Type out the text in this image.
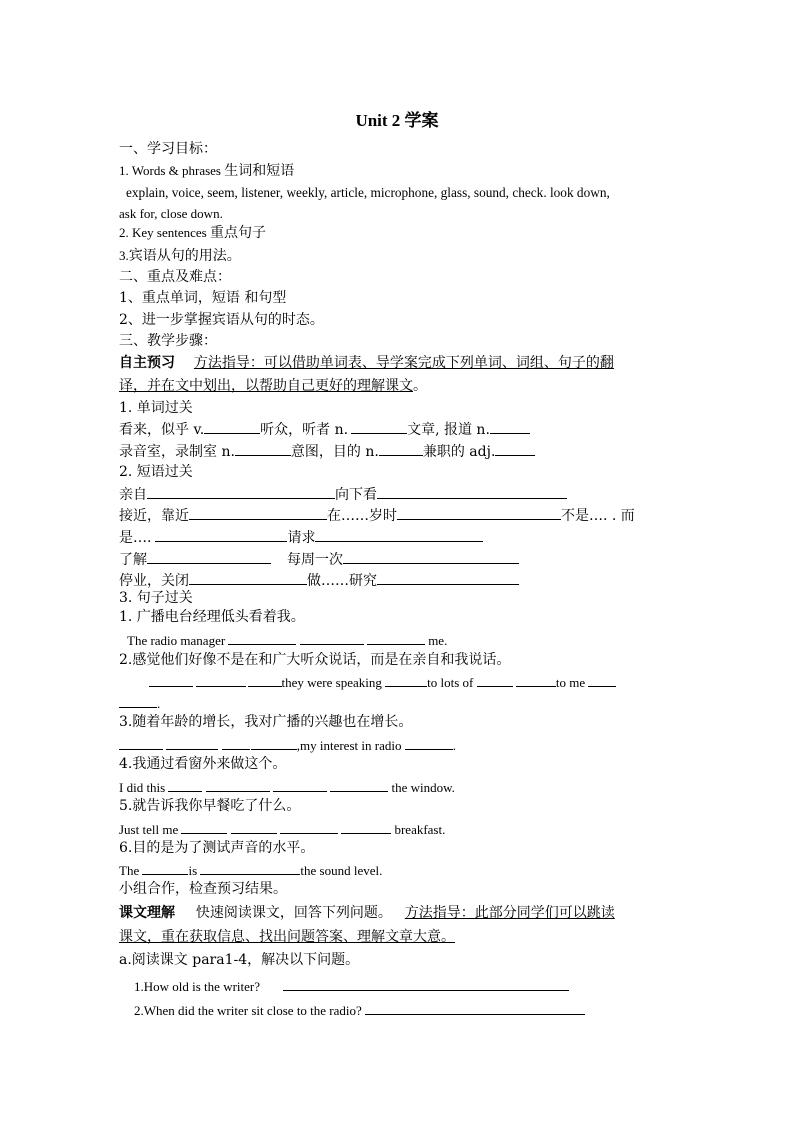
Unit 2 学案
一、学习目标：
1. Words & phrases 生词和短语
explain, voice, seem, listener, weekly, article, microphone, glass, sound, check. look down,
ask for, close down.
2. Key sentences 重点句子
3.宾语从句的用法。
二、重点及难点：
1、重点单词，短语 和句型
2、进一步掌握宾语从句的时态。
三、教学步骤：
自主预习 方法指导：可以借助单词表、导学案完成下列单词、词组、句子的翻
译，并在文中划出，以帮助自己更好的理解课文。
1. 单词过关
看来，似乎 v.	听众，听者 n.	文章, 报道 n.
录音室，录制室 n.	意图，目的 n.	兼职的 adj.
2. 短语过关
亲自	向下看
接近，靠近	在……岁时	不是…. . 而
是….	请求
了解	每周一次
停业，关闭	做……研究
3. 句子过关
1. 广播电台经理低头看着我。
The radio manager	me.
2.感觉他们好像不是在和广大听众说话，而是在亲自和我说话。
they were speaking	to lots of	to me
.
3.随着年龄的增长，我对广播的兴趣也在增长。
,my interest in radio	.
4.我通过看窗外来做这个。
I did this	the window.
5.就告诉我你早餐吃了什么。
Just tell me	breakfast.
6.目的是为了测试声音的水平。
The	is	the sound level.
小组合作，检查预习结果。
课文理解 快速阅读课文，回答下列问题。 方法指导：此部分同学们可以跳读
课文，重在获取信息、找出问题答案、理解文章大意。
a.阅读课文 para1-4，解决以下问题。
1.How old is the writer?
2.When did the writer sit close to the radio?
